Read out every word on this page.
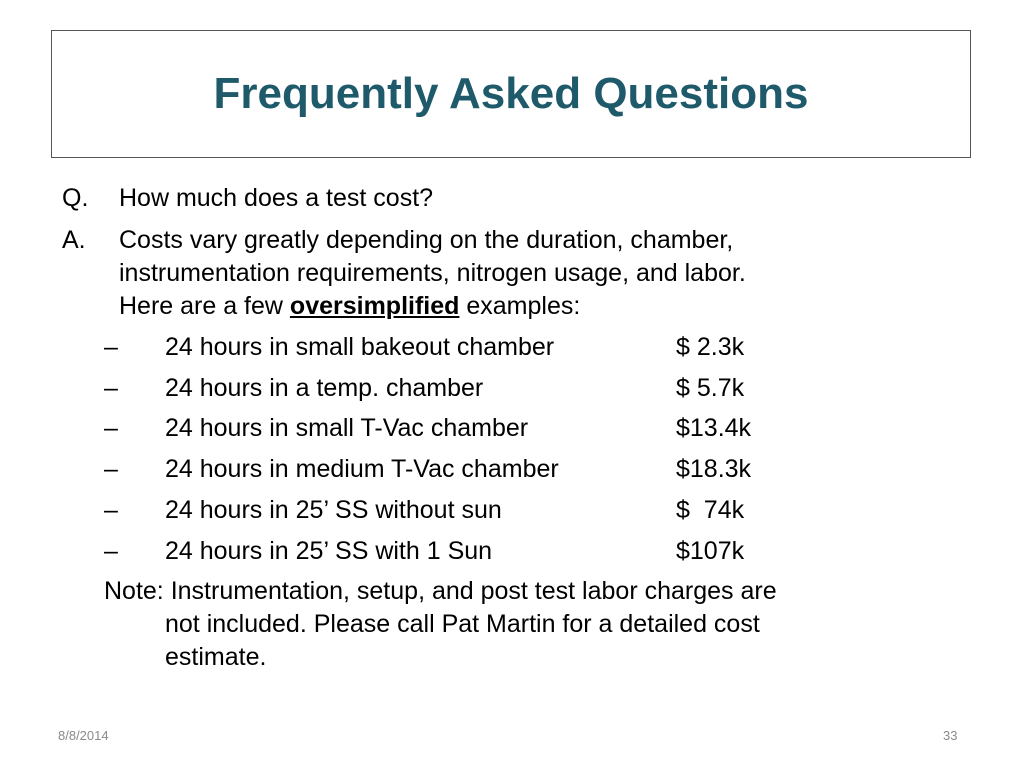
Frequently Asked Questions
Q. How much does a test cost?
A. Costs vary greatly depending on the duration, chamber,
instrumentation requirements, nitrogen usage, and labor.
Here are a few oversimplified examples:
– 24 hours in small bakeout chamber	$ 2.3k
– 24 hours in a temp. chamber	$ 5.7k
– 24 hours in small T-Vac chamber	$13.4k
– 24 hours in medium T-Vac chamber	$18.3k
– 24 hours in 25’ SS without sun	$  74k
– 24 hours in 25’ SS with 1 Sun	$107k
Note: Instrumentation, setup, and post test labor charges are
not included. Please call Pat Martin for a detailed cost
estimate.
8/8/2014	33
